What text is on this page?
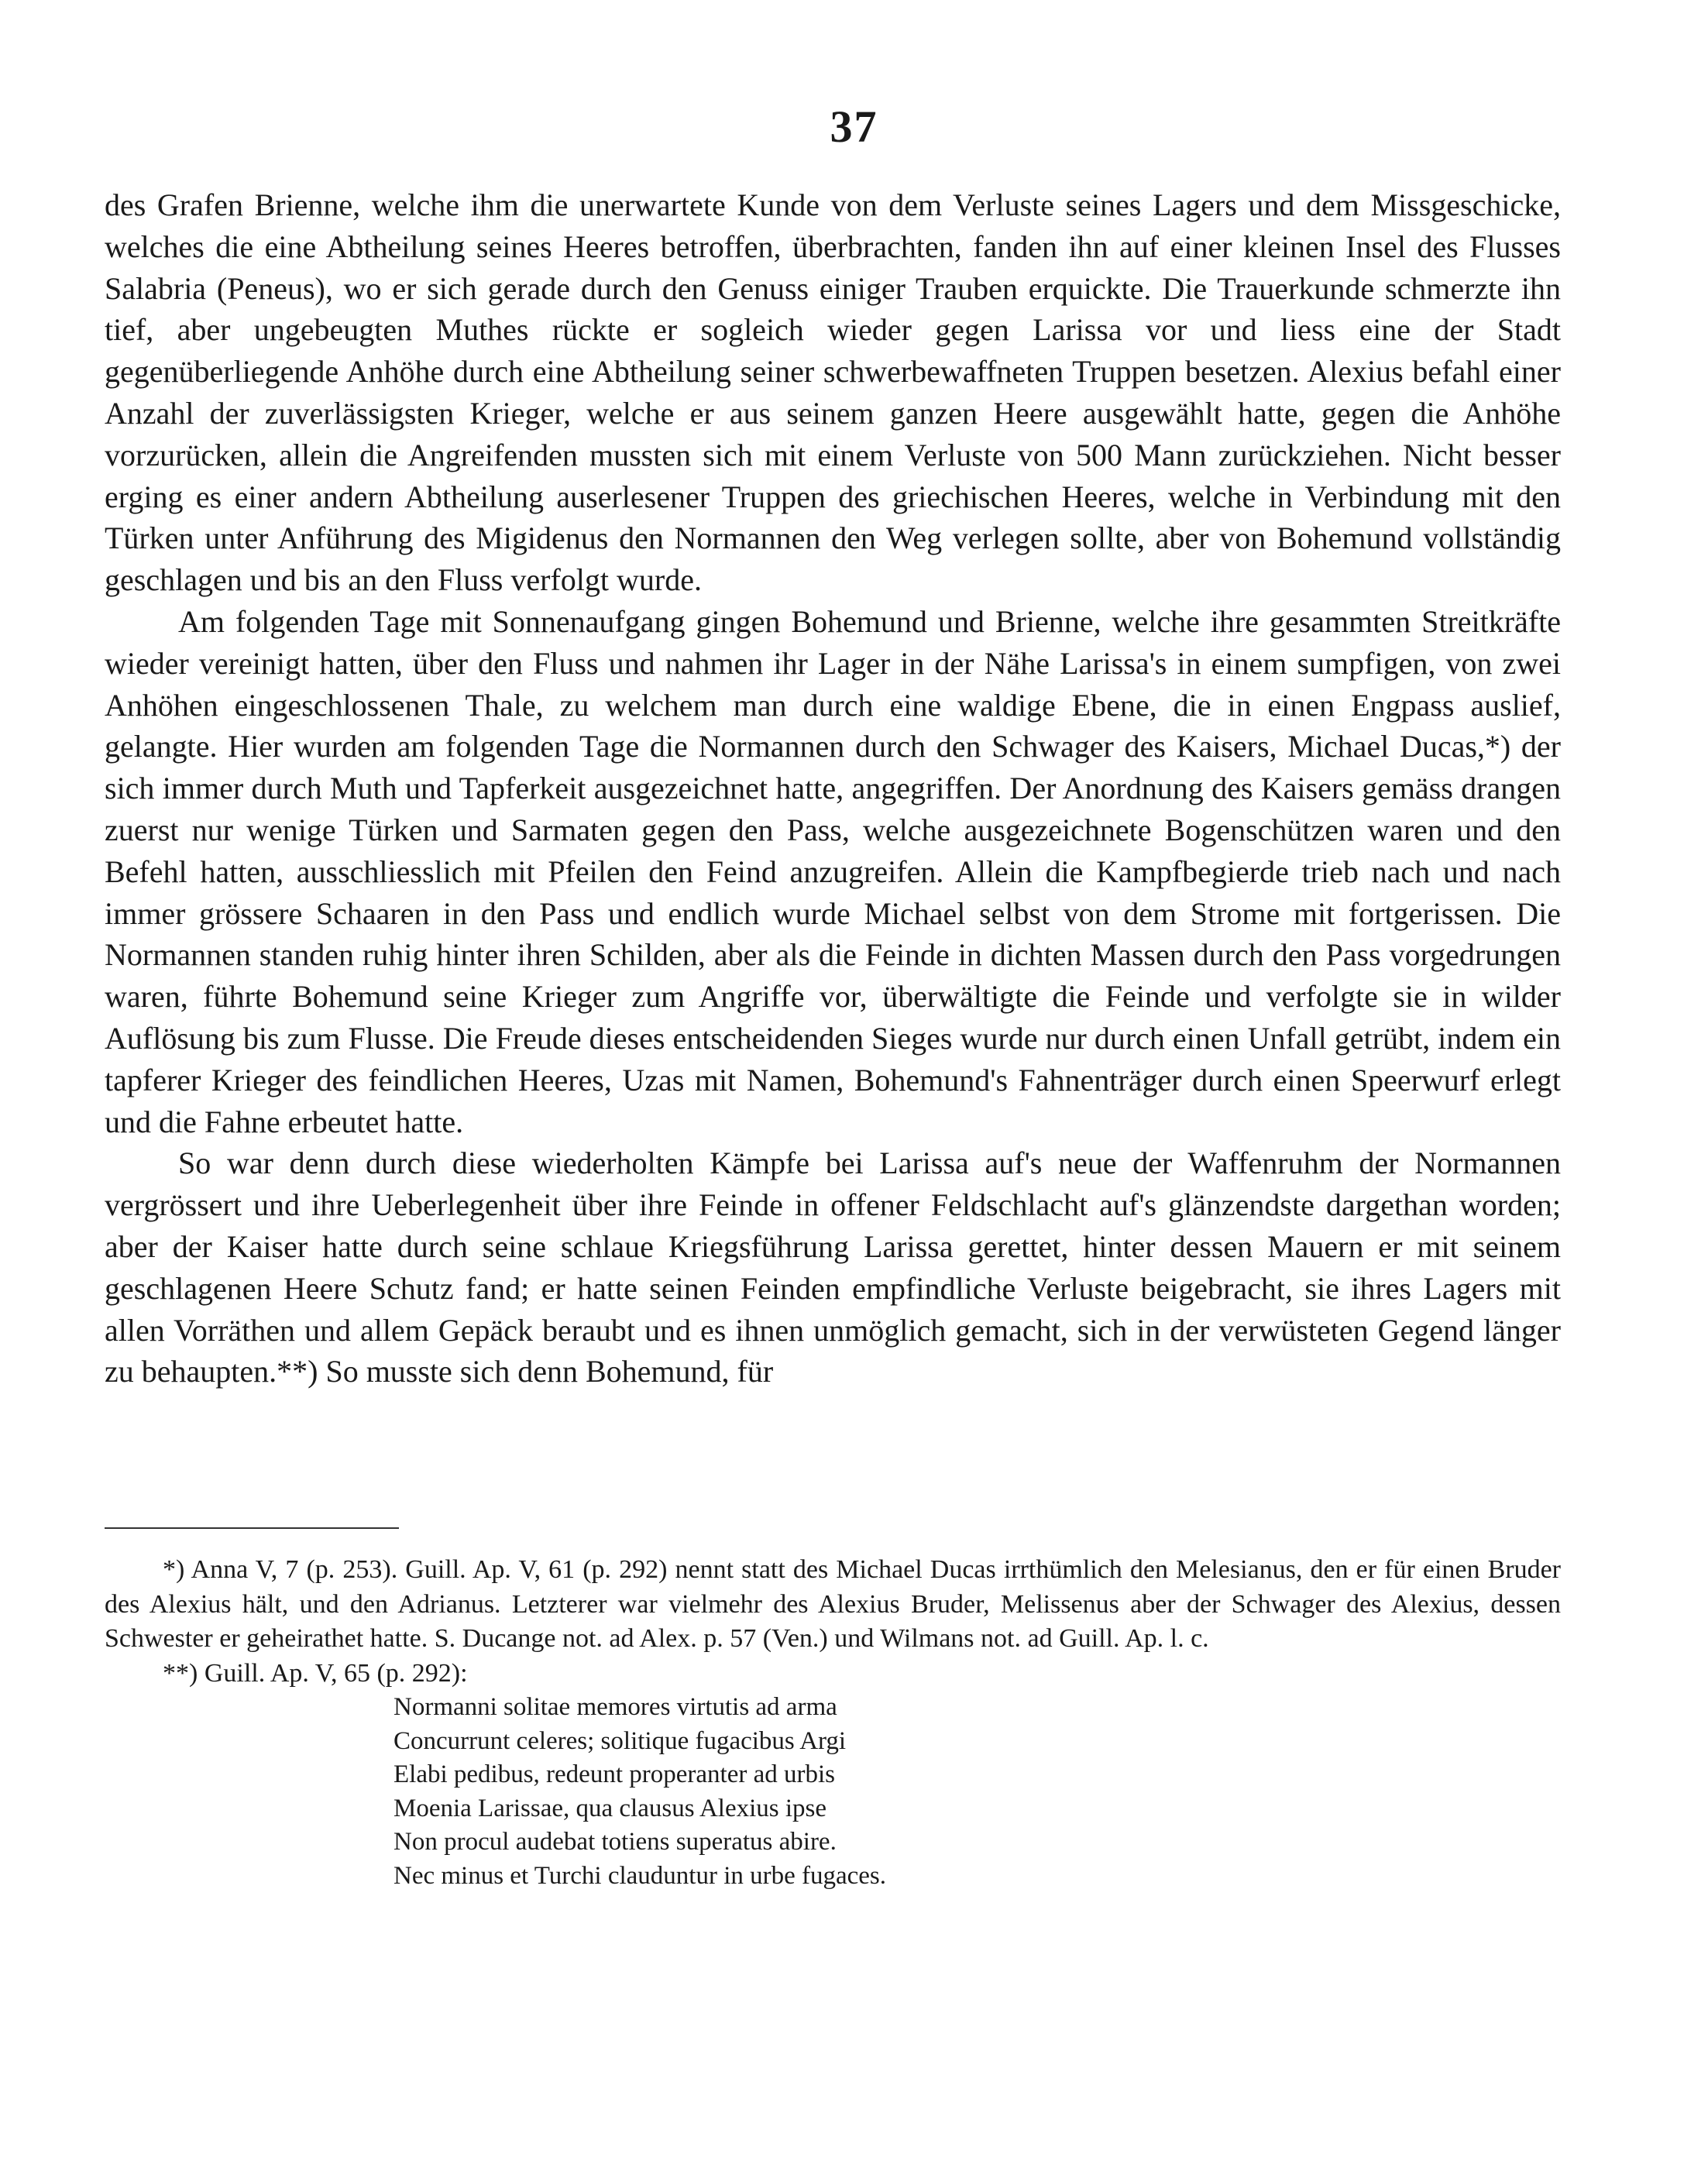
37

des Grafen Brienne, welche ihm die unerwartete Kunde von dem Verluste seines Lagers und dem Missgeschicke, welches die eine Abtheilung seines Heeres betroffen, überbrachten, fanden ihn auf einer kleinen Insel des Flusses Salabria (Peneus), wo er sich gerade durch den Genuss einiger Trauben erquickte. Die Trauerkunde schmerzte ihn tief, aber ungebeugten Muthes rückte er sogleich wieder gegen Larissa vor und liess eine der Stadt gegenüberliegende Anhöhe durch eine Abtheilung seiner schwerbewaffneten Truppen besetzen. Alexius befahl einer Anzahl der zuverlässigsten Krieger, welche er aus seinem ganzen Heere ausgewählt hatte, gegen die Anhöhe vorzurücken, allein die Angreifenden mussten sich mit einem Verluste von 500 Mann zurückziehen. Nicht besser erging es einer andern Abtheilung auserlesener Truppen des griechischen Heeres, welche in Verbindung mit den Türken unter Anführung des Migidenus den Normannen den Weg verlegen sollte, aber von Bohemund vollständig geschlagen und bis an den Fluss verfolgt wurde.

Am folgenden Tage mit Sonnenaufgang gingen Bohemund und Brienne, welche ihre gesammten Streitkräfte wieder vereinigt hatten, über den Fluss und nahmen ihr Lager in der Nähe Larissa's in einem sumpfigen, von zwei Anhöhen eingeschlossenen Thale, zu welchem man durch eine waldige Ebene, die in einen Engpass auslief, gelangte. Hier wurden am folgenden Tage die Normannen durch den Schwager des Kaisers, Michael Ducas,*) der sich immer durch Muth und Tapferkeit ausgezeichnet hatte, angegriffen. Der Anordnung des Kaisers gemäss drangen zuerst nur wenige Türken und Sarmaten gegen den Pass, welche ausgezeichnete Bogenschützen waren und den Befehl hatten, ausschliesslich mit Pfeilen den Feind anzugreifen. Allein die Kampfbegierde trieb nach und nach immer grössere Schaaren in den Pass und endlich wurde Michael selbst von dem Strome mit fortgerissen. Die Normannen standen ruhig hinter ihren Schilden, aber als die Feinde in dichten Massen durch den Pass vorgedrungen waren, führte Bohemund seine Krieger zum Angriffe vor, überwältigte die Feinde und verfolgte sie in wilder Auflösung bis zum Flusse. Die Freude dieses entscheidenden Sieges wurde nur durch einen Unfall getrübt, indem ein tapferer Krieger des feindlichen Heeres, Uzas mit Namen, Bohemund's Fahnenträger durch einen Speerwurf erlegt und die Fahne erbeutet hatte.

So war denn durch diese wiederholten Kämpfe bei Larissa auf's neue der Waffenruhm der Normannen vergrössert und ihre Ueberlegenheit über ihre Feinde in offener Feldschlacht auf's glänzendste dargethan worden; aber der Kaiser hatte durch seine schlaue Kriegsführung Larissa gerettet, hinter dessen Mauern er mit seinem geschlagenen Heere Schutz fand; er hatte seinen Feinden empfindliche Verluste beigebracht, sie ihres Lagers mit allen Vorräthen und allem Gepäck beraubt und es ihnen unmöglich gemacht, sich in der verwüsteten Gegend länger zu behaupten.**) So musste sich denn Bohemund, für

*) Anna V, 7 (p. 253). Guill. Ap. V, 61 (p. 292) nennt statt des Michael Ducas irrthümlich den Melesianus, den er für einen Bruder des Alexius hält, und den Adrianus. Letzterer war vielmehr des Alexius Bruder, Melissenus aber der Schwager des Alexius, dessen Schwester er geheirathet hatte. S. Ducange not. ad Alex. p. 57 (Ven.) und Wilmans not. ad Guill. Ap. l. c.

**) Guill. Ap. V, 65 (p. 292):

Normanni solitae memores virtutis ad arma
Concurrunt celeres; solitique fugacibus Argi
Elabi pedibus, redeunt properanter ad urbis
Moenia Larissae, qua clausus Alexius ipse
Non procul audebat totiens superatus abire.
Nec minus et Turchi clauduntur in urbe fugaces.
